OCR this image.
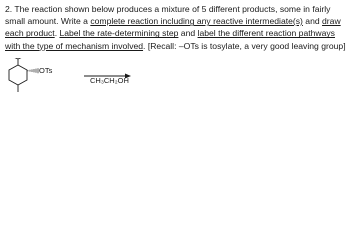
2. The reaction shown below produces a mixture of 5 different products, some in fairly small amount. Write a complete reaction including any reactive intermediate(s) and draw each product. Label the rate-determining step and label the different reaction pathways with the type of mechanism involved. [Recall: –OTs is tosylate, a very good leaving group]
OTs
CH₃CH₂OH
